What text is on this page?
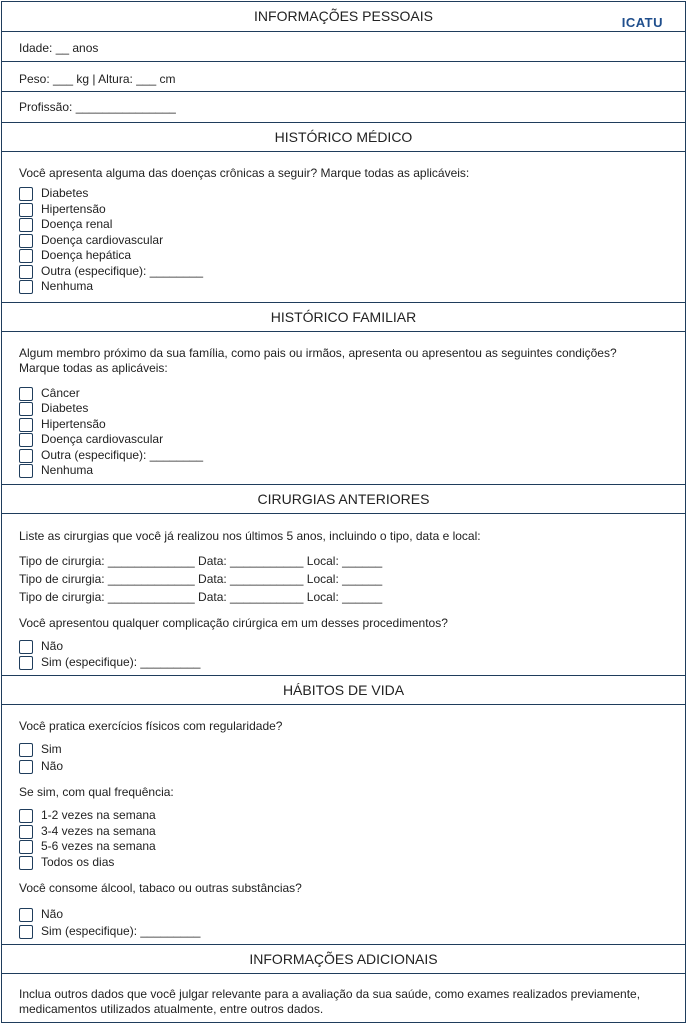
INFORMAÇÕES PESSOAIS	ICATU
Idade: __ anos
Peso: ___ kg | Altura: ___ cm
Profissão: _______________
HISTÓRICO MÉDICO
Você apresenta alguma das doenças crônicas a seguir? Marque todas as aplicáveis:
Diabetes
Hipertensão
Doença renal
Doença cardiovascular
Doença hepática
Outra (especifique): ________
Nenhuma
HISTÓRICO FAMILIAR
Algum membro próximo da sua família, como pais ou irmãos, apresenta ou apresentou as seguintes condições? Marque todas as aplicáveis:
Câncer
Diabetes
Hipertensão
Doença cardiovascular
Outra (especifique): ________
Nenhuma
CIRURGIAS ANTERIORES
Liste as cirurgias que você já realizou nos últimos 5 anos, incluindo o tipo, data e local:
Tipo de cirurgia: _____________ Data: ___________ Local: ______
Tipo de cirurgia: _____________ Data: ___________ Local: ______
Tipo de cirurgia: _____________ Data: ___________ Local: ______
Você apresentou qualquer complicação cirúrgica em um desses procedimentos?
Não
Sim (especifique): _________
HÁBITOS DE VIDA
Você pratica exercícios físicos com regularidade?
Sim
Não
Se sim, com qual frequência:
1-2 vezes na semana
3-4 vezes na semana
5-6 vezes na semana
Todos os dias
Você consome álcool, tabaco ou outras substâncias?
Não
Sim (especifique): _________
INFORMAÇÕES ADICIONAIS
Inclua outros dados que você julgar relevante para a avaliação da sua saúde, como exames realizados previamente, medicamentos utilizados atualmente, entre outros dados.
